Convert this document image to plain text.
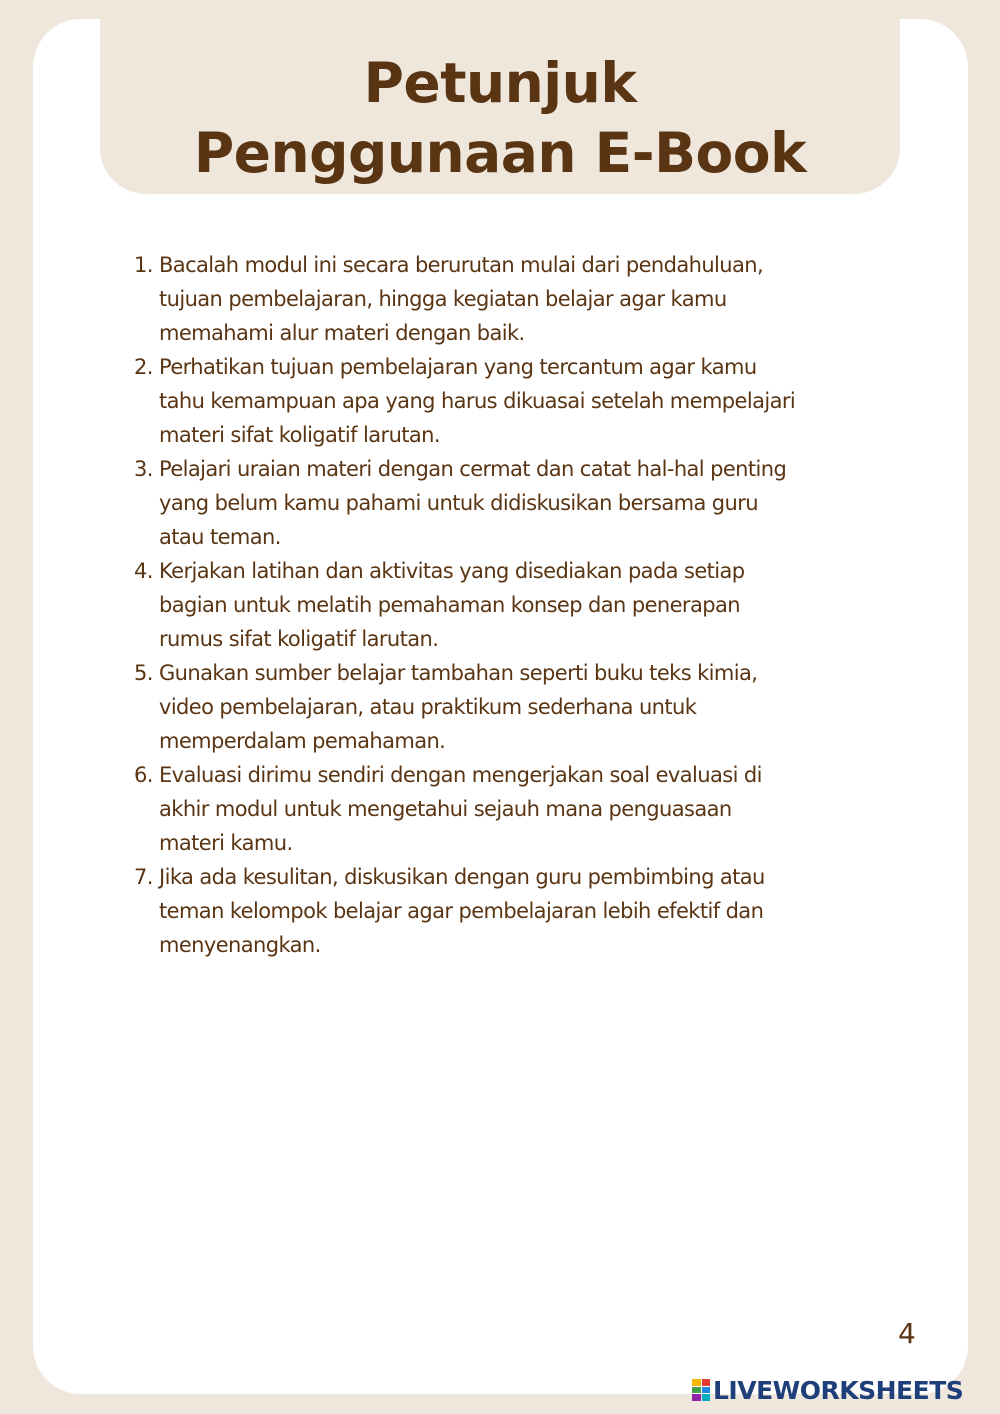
Petunjuk
Penggunaan E-Book
1. Bacalah modul ini secara berurutan mulai dari pendahuluan,
tujuan pembelajaran, hingga kegiatan belajar agar kamu
memahami alur materi dengan baik.
2. Perhatikan tujuan pembelajaran yang tercantum agar kamu
tahu kemampuan apa yang harus dikuasai setelah mempelajari
materi sifat koligatif larutan.
3. Pelajari uraian materi dengan cermat dan catat hal-hal penting
yang belum kamu pahami untuk didiskusikan bersama guru
atau teman.
4. Kerjakan latihan dan aktivitas yang disediakan pada setiap
bagian untuk melatih pemahaman konsep dan penerapan
rumus sifat koligatif larutan.
5. Gunakan sumber belajar tambahan seperti buku teks kimia,
video pembelajaran, atau praktikum sederhana untuk
memperdalam pemahaman.
6. Evaluasi dirimu sendiri dengan mengerjakan soal evaluasi di
akhir modul untuk mengetahui sejauh mana penguasaan
materi kamu.
7. Jika ada kesulitan, diskusikan dengan guru pembimbing atau
teman kelompok belajar agar pembelajaran lebih efektif dan
menyenangkan.
4
LIVEWORKSHEETS
